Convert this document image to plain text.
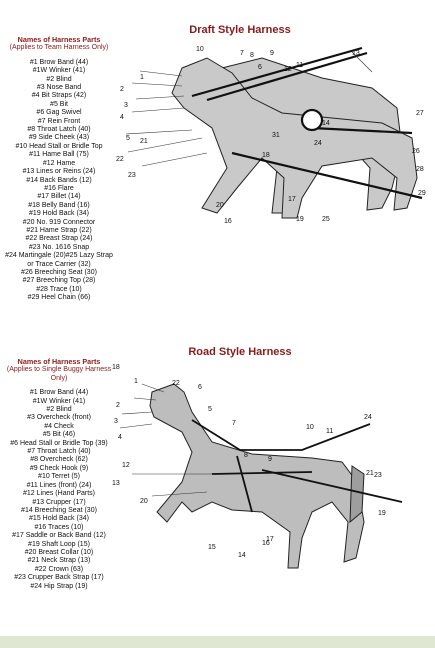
Names of Harness Parts
(Applies to Team Harness Only)
#1 Brow Band (44)
#1W Winker (41)
#2 Blind
#3 Nose Band
#4 Bit Straps (42)
#5 Bit
#6 Gag Swivel
#7 Rein Front
#8 Throat Latch (40)
#9 Side Cheek (43)
#10 Head Stall or Bridle Top
#11 Hame Ball (75)
#12 Hame
#13 Lines or Reins (24)
#14 Back Bands (12)
#16 Flare
#17 Billet (14)
#18 Belly Band (16)
#19 Hold Back (34)
#20 No. 919 Connector
#21 Hame Strap (22)
#22 Breast Strap (24)
#23 No. 1616 Snap
#24 Martingale (20)#25 Lazy Strap or Trace Carrier (32)
#26 Breeching Seat (30)
#27 Breeching Top (28)
#28 Trace (10)
#29 Heel Chain (66)
Draft Style Harness
1
2
3
4
5
6
7 8 9
10
11
12
13
14
16
17
18
19
20
21
22
23
24
25
26
27
28
29
31
Names of Harness Parts
(Applies to Single Buggy Harness Only)
#1 Brow Band (44)
#1W Winker (41)
#2 Blind
#3 Overcheck (front)
#4 Check
#5 Bit (46)
#6 Head Stall or Bridle Top (39)
#7 Throat Latch (40)
#8 Overcheck (62)
#9 Check Hook (9)
#10 Terret (5)
#11 Lines (front) (24)
#12 Lines (Hand Parts)
#13 Crupper (17)
#14 Breeching Seat (30)
#15 Hold Back (34)
#16 Traces (10)
#17 Saddle or Back Band (12)
#19 Shaft Loop (15)
#20 Breast Collar (10)
#21 Neck Strap (13)
#22 Crown (63)
#23 Crupper Back Strap (17)
#24 Hip Strap (19)
Road Style Harness
1	22
6
2
3
4
5
7
8
9
10
11
24
12
21 23
13
20
19
14
17
16
15
18
